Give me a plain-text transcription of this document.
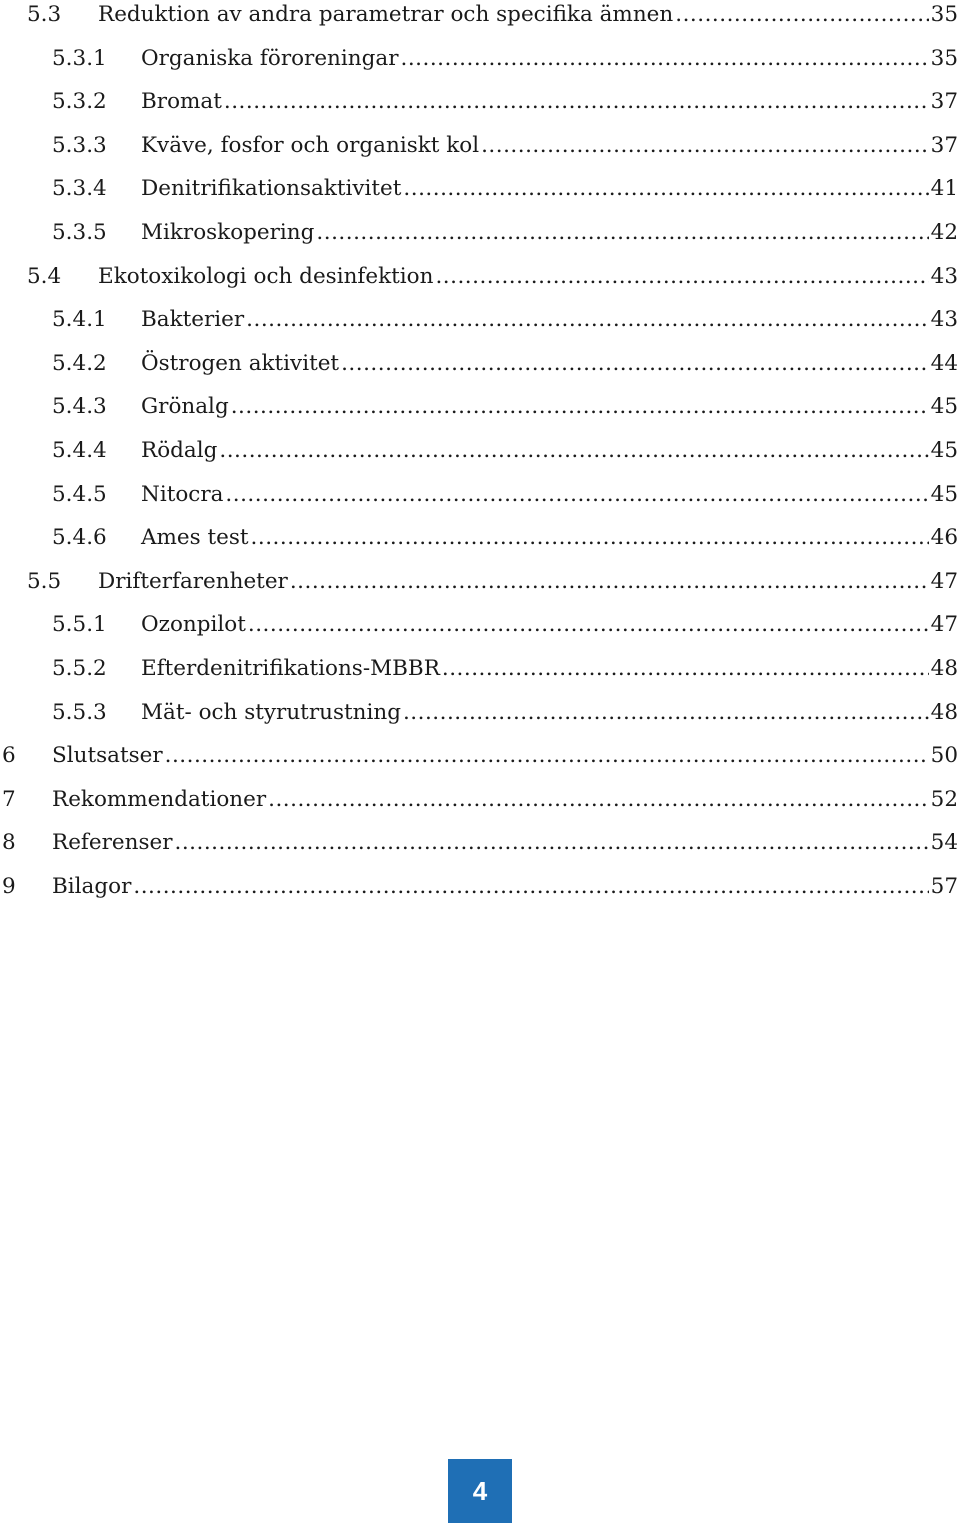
5.3 Reduktion av andra parametrar och specifika ämnen .....	35
5.3.1 Organiska föroreningar .....	35
5.3.2 Bromat .....	37
5.3.3 Kväve, fosfor och organiskt kol .....	37
5.3.4 Denitrifikationsaktivitet .....	41
5.3.5 Mikroskopering .....	42
5.4 Ekotoxikologi och desinfektion .....	43
5.4.1 Bakterier .....	43
5.4.2 Östrogen aktivitet .....	44
5.4.3 Grönalg .....	45
5.4.4 Rödalg .....	45
5.4.5 Nitocra .....	45
5.4.6 Ames test .....	46
5.5 Drifterfarenheter .....	47
5.5.1 Ozonpilot .....	47
5.5.2 Efterdenitrifikations-MBBR .....	48
5.5.3 Mät- och styrutrustning .....	48
6 Slutsatser .....	50
7 Rekommendationer .....	52
8 Referenser .....	54
9 Bilagor .....	57
4
